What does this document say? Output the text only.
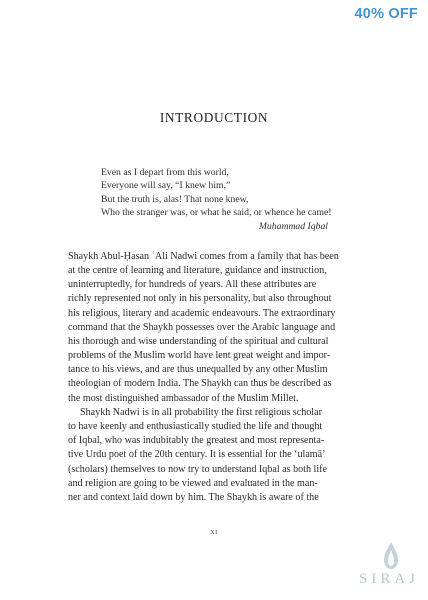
40% OFF
INTRODUCTION
Even as I depart from this world,
Everyone will say, “I knew him,”
But the truth is, alas! That none knew,
Who the stranger was, or what he said, or whence he came!
Muhammad Iqbal
Shaykh Abul-Ḥasan ʿAli Nadwi comes from a family that has been
at the centre of learning and literature, guidance and instruction,
uninterruptedly, for hundreds of years. All these attributes are
richly represented not only in his personality, but also throughout
his religious, literary and academic endeavours. The extraordinary
command that the Shaykh possesses over the Arabic language and
his thorough and wise understanding of the spiritual and cultural
problems of the Muslim world have lent great weight and impor-
tance to his views, and are thus unequalled by any other Muslim
theologian of modern India. The Shaykh can thus be described as
the most distinguished ambassador of the Muslim Millet.
Shaykh Nadwi is in all probability the first religious scholar
to have keenly and enthusiastically studied the life and thought
of Iqbal, who was indubitably the greatest and most representa-
tive Urdu poet of the 20th century. It is essential for the ‘ulamā’
(scholars) themselves to now try to understand Iqbal as both life
and religion are going to be viewed and evaluated in the man-
ner and context laid down by him. The Shaykh is aware of the
xi
SIRAJ
